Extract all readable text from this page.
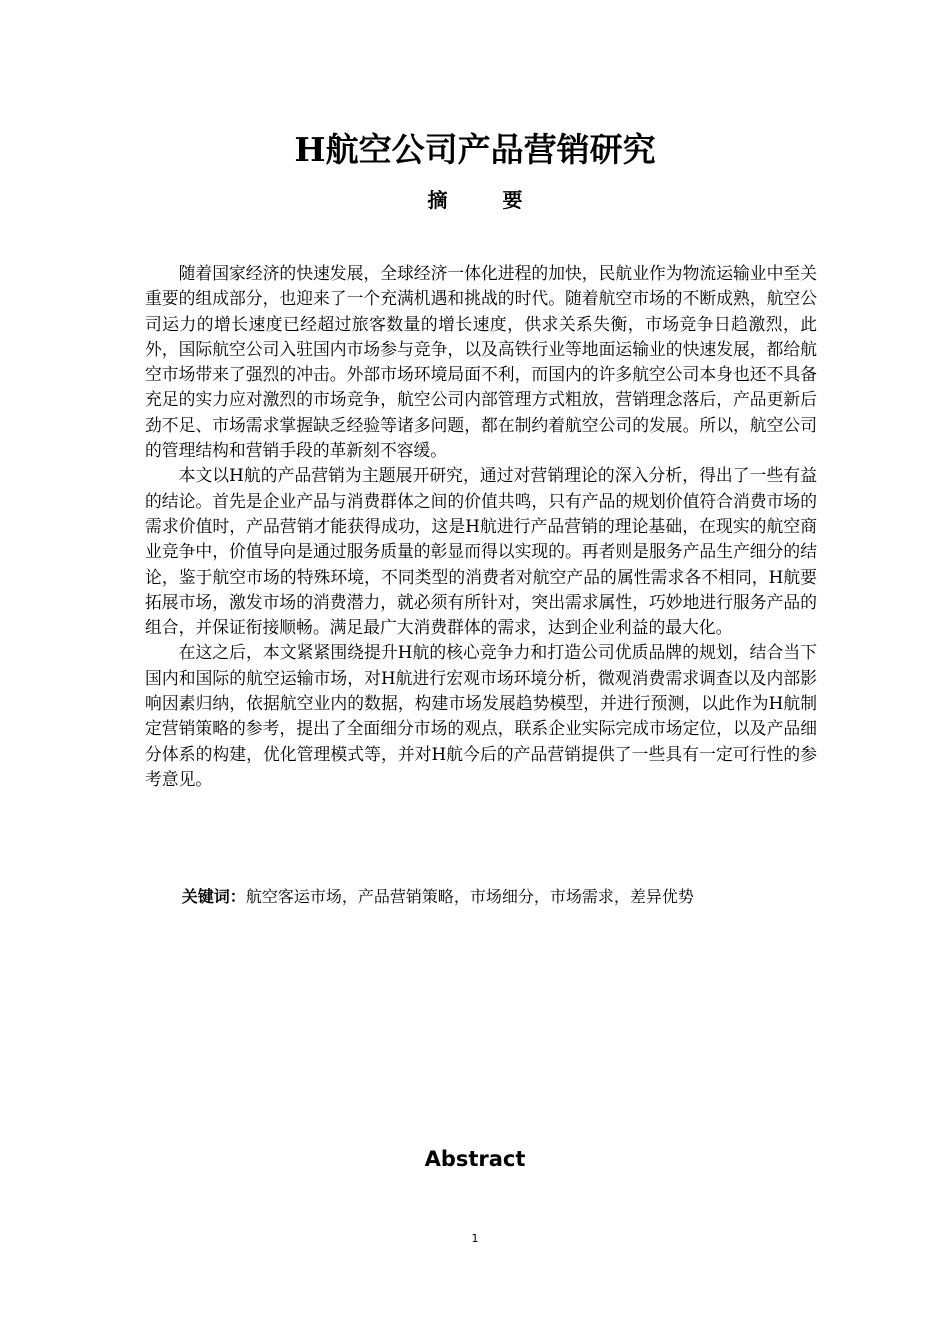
H航空公司产品营销研究
摘 要

随着国家经济的快速发展，全球经济一体化进程的加快，民航业作为物流运输业中至关重要的组成部分，也迎来了一个充满机遇和挑战的时代。随着航空市场的不断成熟，航空公司运力的增长速度已经超过旅客数量的增长速度，供求关系失衡，市场竞争日趋激烈，此外，国际航空公司入驻国内市场参与竞争，以及高铁行业等地面运输业的快速发展，都给航空市场带来了强烈的冲击。外部市场环境局面不利，而国内的许多航空公司本身也还不具备充足的实力应对激烈的市场竞争，航空公司内部管理方式粗放，营销理念落后，产品更新后劲不足、市场需求掌握缺乏经验等诸多问题，都在制约着航空公司的发展。所以，航空公司的管理结构和营销手段的革新刻不容缓。

本文以H航的产品营销为主题展开研究，通过对营销理论的深入分析，得出了一些有益的结论。首先是企业产品与消费群体之间的价值共鸣，只有产品的规划价值符合消费市场的需求价值时，产品营销才能获得成功，这是H航进行产品营销的理论基础，在现实的航空商业竞争中，价值导向是通过服务质量的彰显而得以实现的。再者则是服务产品生产细分的结论，鉴于航空市场的特殊环境，不同类型的消费者对航空产品的属性需求各不相同，H航要拓展市场，激发市场的消费潜力，就必须有所针对，突出需求属性，巧妙地进行服务产品的组合，并保证衔接顺畅。满足最广大消费群体的需求，达到企业利益的最大化。

在这之后，本文紧紧围绕提升H航的核心竞争力和打造公司优质品牌的规划，结合当下国内和国际的航空运输市场，对H航进行宏观市场环境分析，微观消费需求调查以及内部影响因素归纳，依据航空业内的数据，构建市场发展趋势模型，并进行预测，以此作为H航制定营销策略的参考，提出了全面细分市场的观点，联系企业实际完成市场定位，以及产品细分体系的构建，优化管理模式等，并对H航今后的产品营销提供了一些具有一定可行性的参考意见。

关键词：航空客运市场，产品营销策略，市场细分，市场需求，差异优势

Abstract
1
